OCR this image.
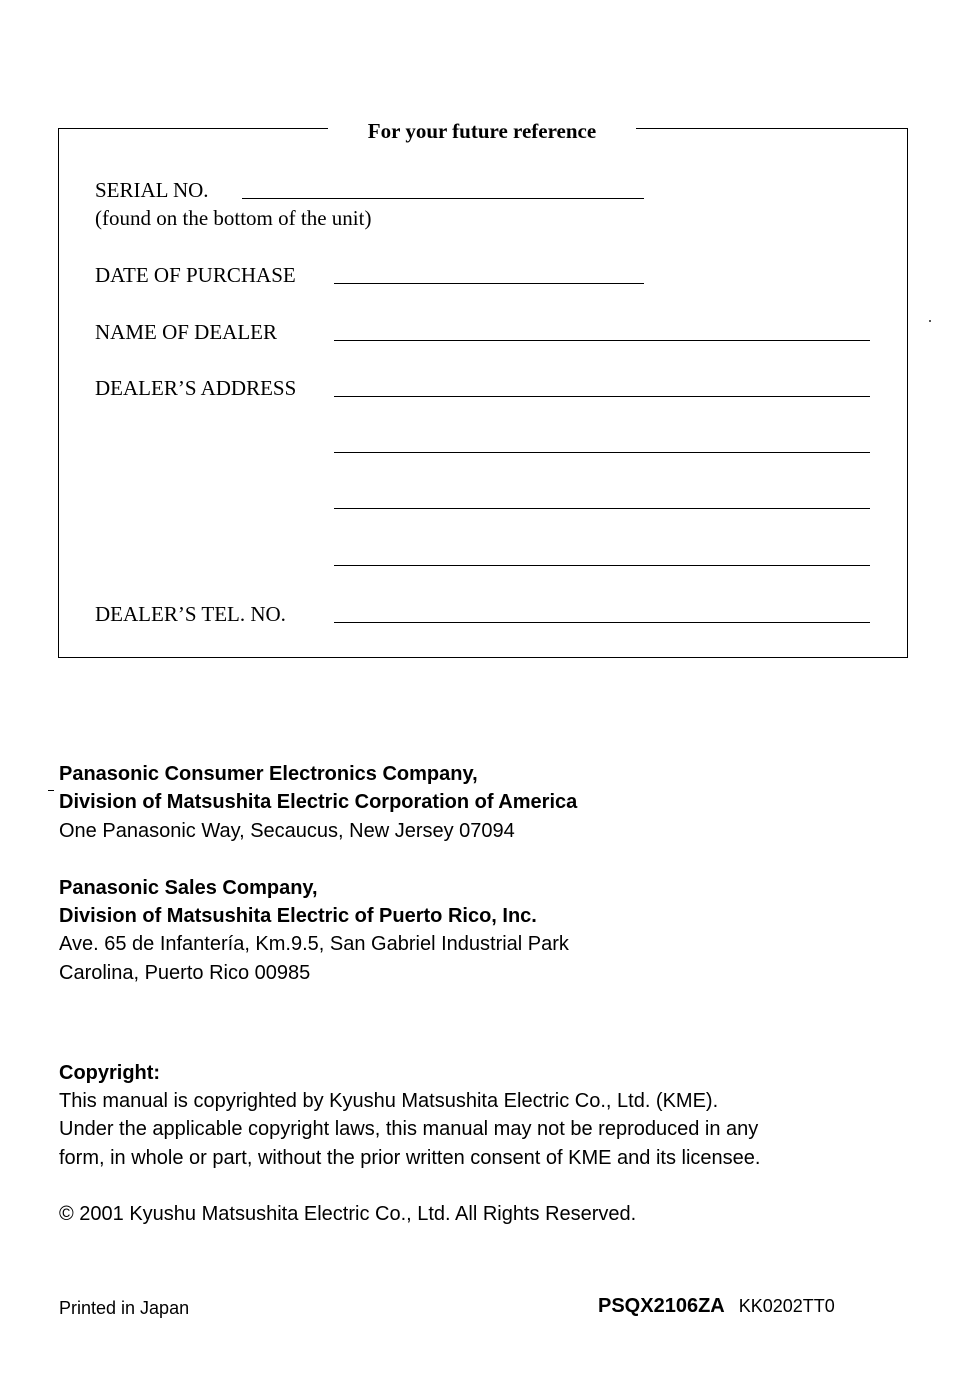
For your future reference
SERIAL NO.
(found on the bottom of the unit)
DATE OF PURCHASE
NAME OF DEALER
DEALER’S ADDRESS
DEALER’S TEL. NO.
Panasonic Consumer Electronics Company,
Division of Matsushita Electric Corporation of America
One Panasonic Way, Secaucus, New Jersey 07094
Panasonic Sales Company,
Division of Matsushita Electric of Puerto Rico, Inc.
Ave. 65 de Infantería, Km.9.5, San Gabriel Industrial Park
Carolina, Puerto Rico 00985
Copyright:
This manual is copyrighted by Kyushu Matsushita Electric Co., Ltd. (KME).
Under the applicable copyright laws, this manual may not be reproduced in any
form, in whole or part, without the prior written consent of KME and its licensee.
© 2001 Kyushu Matsushita Electric Co., Ltd. All Rights Reserved.
Printed in Japan	PSQX2106ZA KK0202TT0
